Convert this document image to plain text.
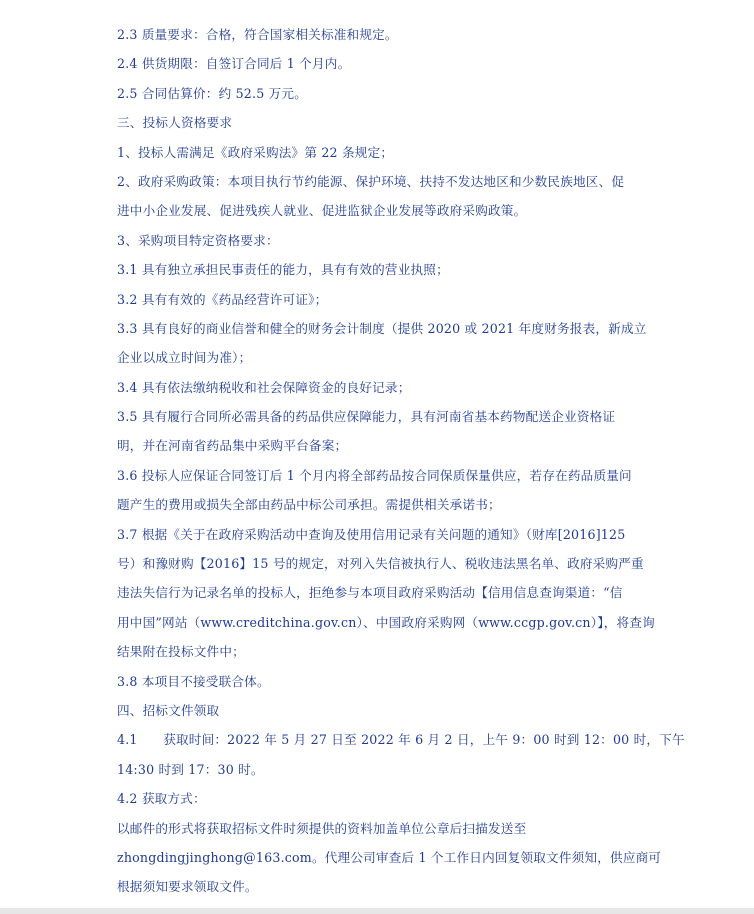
2.3 质量要求：合格，符合国家相关标准和规定。
2.4 供货期限：自签订合同后 1 个月内。
2.5 合同估算价：约 52.5 万元。
三、投标人资格要求
1、投标人需满足《政府采购法》第 22 条规定；
2、政府采购政策：本项目执行节约能源、保护环境、扶持不发达地区和少数民族地区、促
进中小企业发展、促进残疾人就业、促进监狱企业发展等政府采购政策。
3、采购项目特定资格要求：
3.1 具有独立承担民事责任的能力，具有有效的营业执照；
3.2 具有有效的《药品经营许可证》；
3.3 具有良好的商业信誉和健全的财务会计制度（提供 2020 或 2021 年度财务报表，新成立
企业以成立时间为准）；
3.4 具有依法缴纳税收和社会保障资金的良好记录；
3.5 具有履行合同所必需具备的药品供应保障能力，具有河南省基本药物配送企业资格证
明，并在河南省药品集中采购平台备案；
3.6 投标人应保证合同签订后 1 个月内将全部药品按合同保质保量供应，若存在药品质量问
题产生的费用或损失全部由药品中标公司承担。需提供相关承诺书；
3.7 根据《关于在政府采购活动中查询及使用信用记录有关问题的通知》（财库[2016]125
号）和豫财购【2016】15 号的规定，对列入失信被执行人、税收违法黑名单、政府采购严重
违法失信行为记录名单的投标人，拒绝参与本项目政府采购活动【信用信息查询渠道：“信
用中国”网站（www.creditchina.gov.cn）、中国政府采购网（www.ccgp.gov.cn）】，将查询
结果附在投标文件中；
3.8 本项目不接受联合体。
四、招标文件领取
4.1　　获取时间：2022 年 5 月 27 日至 2022 年 6 月 2 日，上午 9：00 时到 12：00 时，下午
14:30 时到 17：30 时。
4.2 获取方式：
以邮件的形式将获取招标文件时须提供的资料加盖单位公章后扫描发送至
zhongdingjinghong@163.com。代理公司审查后 1 个工作日内回复领取文件须知，供应商可
根据须知要求领取文件。
